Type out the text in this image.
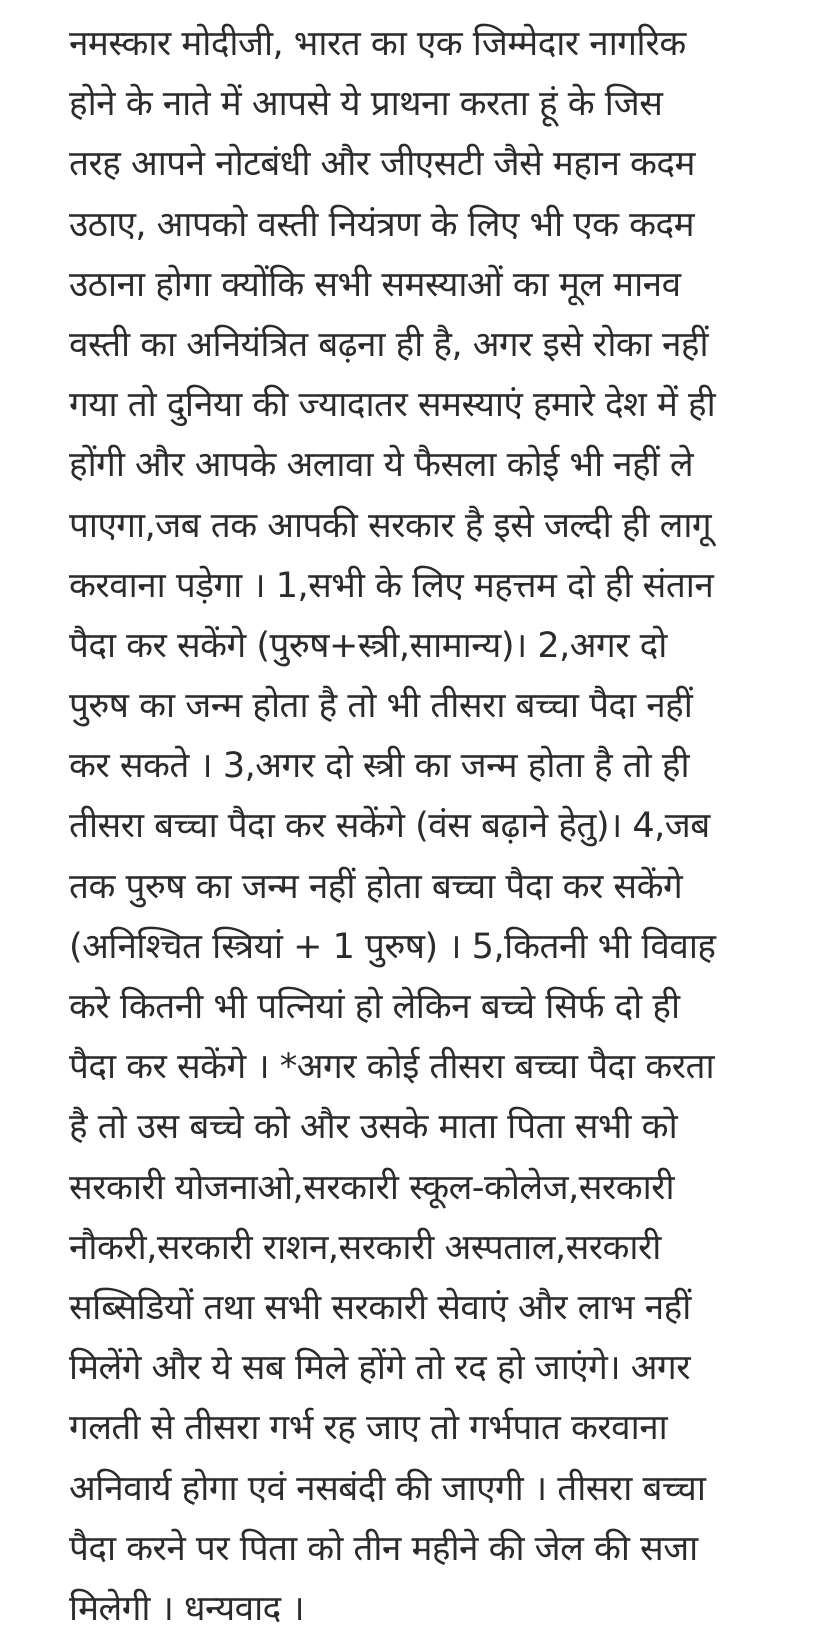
नमस्कार मोदीजी, भारत का एक जिम्मेदार नागरिक
होने के नाते में आपसे ये प्राथना करता हूं के जिस
तरह आपने नोटबंधी और जीएसटी जैसे महान कदम
उठाए, आपको वस्ती नियंत्रण के लिए भी एक कदम
उठाना होगा क्योंकि सभी समस्याओं का मूल मानव
वस्ती का अनियंत्रित बढ़ना ही है, अगर इसे रोका नहीं
गया तो दुनिया की ज्यादातर समस्याएं हमारे देश में ही
होंगी और आपके अलावा ये फैसला कोई भी नहीं ले
पाएगा,जब तक आपकी सरकार है इसे जल्दी ही लागू
करवाना पड़ेगा । 1,सभी के लिए महत्तम दो ही संतान
पैदा कर सकेंगे (पुरुष+स्त्री,सामान्य)। 2,अगर दो
पुरुष का जन्म होता है तो भी तीसरा बच्चा पैदा नहीं
कर सकते । 3,अगर दो स्त्री का जन्म होता है तो ही
तीसरा बच्चा पैदा कर सकेंगे (वंस बढ़ाने हेतु)। 4,जब
तक पुरुष का जन्म नहीं होता बच्चा पैदा कर सकेंगे
(अनिश्चित स्त्रियां + 1 पुरुष) । 5,कितनी भी विवाह
करे कितनी भी पत्नियां हो लेकिन बच्चे सिर्फ दो ही
पैदा कर सकेंगे । *अगर कोई तीसरा बच्चा पैदा करता
है तो उस बच्चे को और उसके माता पिता सभी को
सरकारी योजनाओ,सरकारी स्कूल-कोलेज,सरकारी
नौकरी,सरकारी राशन,सरकारी अस्पताल,सरकारी
सब्सिडियों तथा सभी सरकारी सेवाएं और लाभ नहीं
मिलेंगे और ये सब मिले होंगे तो रद हो जाएंगे। अगर
गलती से तीसरा गर्भ रह जाए तो गर्भपात करवाना
अनिवार्य होगा एवं नसबंदी की जाएगी । तीसरा बच्चा
पैदा करने पर पिता को तीन महीने की जेल की सजा
मिलेगी । धन्यवाद ।
